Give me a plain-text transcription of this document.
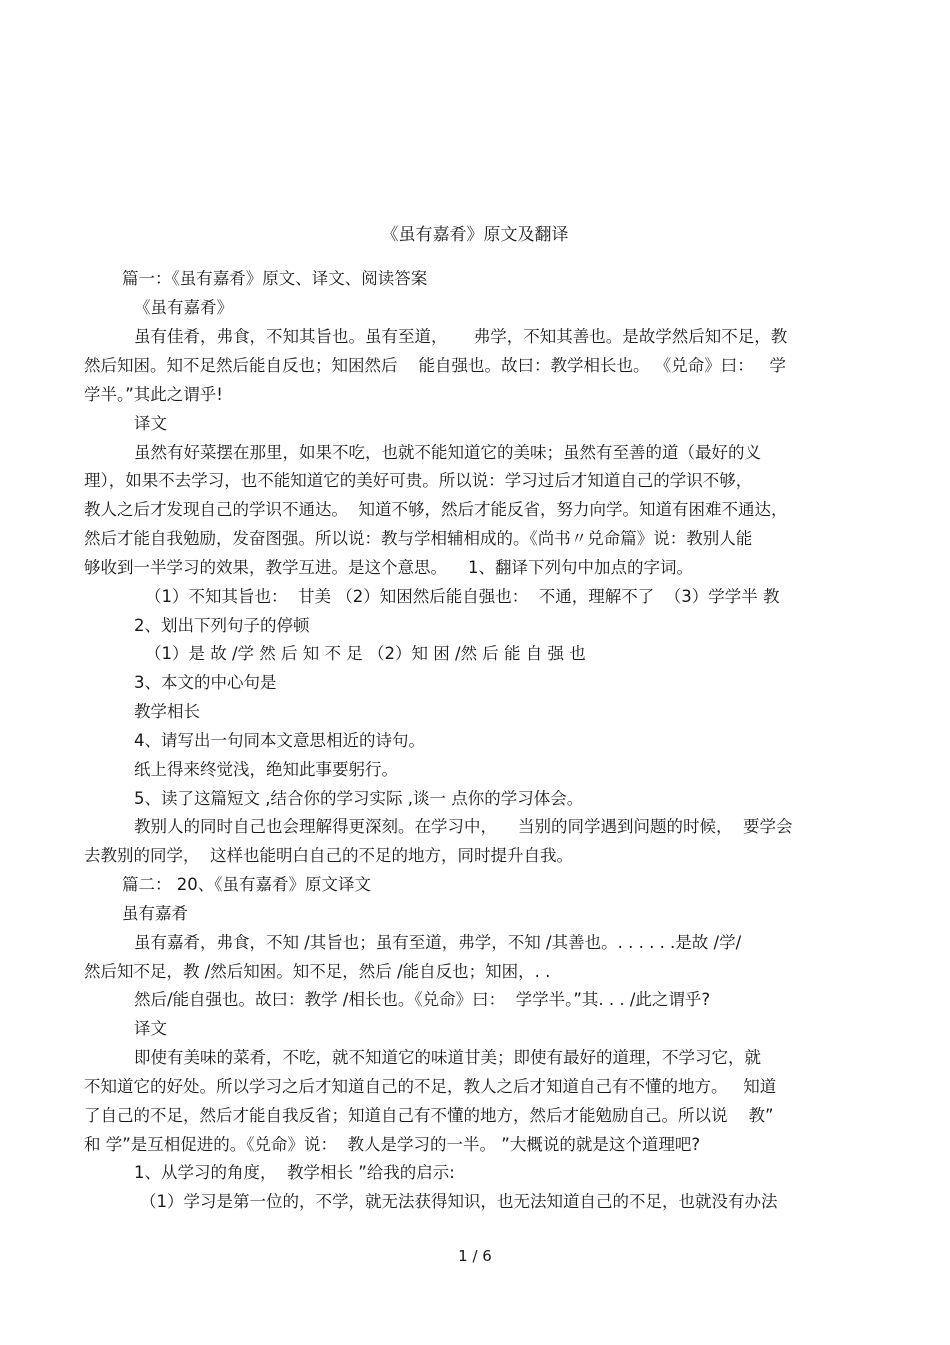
《虽有嘉肴》原文及翻译
篇一：《虽有嘉肴》原文、译文、阅读答案
《虽有嘉肴》
虽有佳肴，弗食，不知其旨也。虽有至道，     弗学，不知其善也。是故学然后知不足，教
然后知困。知不足然后能自反也；知困然后    能自强也。故曰：教学相长也。 《兑命》曰：   学
学半。”其此之谓乎!
译文
虽然有好菜摆在那里，如果不吃，也就不能知道它的美味；虽然有至善的道（最好的义
理），如果不去学习，也不能知道它的美好可贵。所以说：学习过后才知道自己的学识不够，
教人之后才发现自己的学识不通达。  知道不够，然后才能反省，努力向学。知道有困难不通达，
然后才能自我勉励，发奋图强。所以说：教与学相辅相成的。《尚书〃兑命篇》说：教别人能
够收到一半学习的效果，教学互进。是这个意思。    1、翻译下列句中加点的字词。
（1）不知其旨也：  甘美 （2）知困然后能自强也：  不通，理解不了  （3）学学半 教
2、划出下列句子的停顿
（1）是 故 /学 然 后 知 不 足 （2）知 困 /然 后 能 自 强 也
3、本文的中心句是
教学相长
4、请写出一句同本文意思相近的诗句。
纸上得来终觉浅，绝知此事要躬行。
5、读了这篇短文 ,结合你的学习实际 ,谈一 点你的学习体会。
教别人的同时自己也会理解得更深刻。在学习中，    当别的同学遇到问题的时候，  要学会
去教别的同学，  这样也能明白自己的不足的地方，同时提升自我。
篇二： 20、《虽有嘉肴》原文译文
虽有嘉肴
虽有嘉肴，弗食，不知 /其旨也；虽有至道，弗学，不知 /其善也。. . . . . .是故 /学/
然后知不足，教 /然后知困。知不足，然后 /能自反也；知困，. .
然后/能自强也。故曰：教学 /相长也。《兑命》曰：  学学半。”其. . . /此之谓乎?
译文
即使有美味的菜肴，不吃，就不知道它的味道甘美；即使有最好的道理，不学习它，就
不知道它的好处。所以学习之后才知道自己的不足，教人之后才知道自己有不懂的地方。   知道
了自己的不足，然后才能自我反省；知道自己有不懂的地方，然后才能勉励自己。所以说    教”
和 学”是互相促进的。《兑命》说：  教人是学习的一半。 ”大概说的就是这个道理吧?
1、从学习的角度，  教学相长 ”给我的启示:
（1）学习是第一位的，不学，就无法获得知识，也无法知道自己的不足，也就没有办法
1 / 6
